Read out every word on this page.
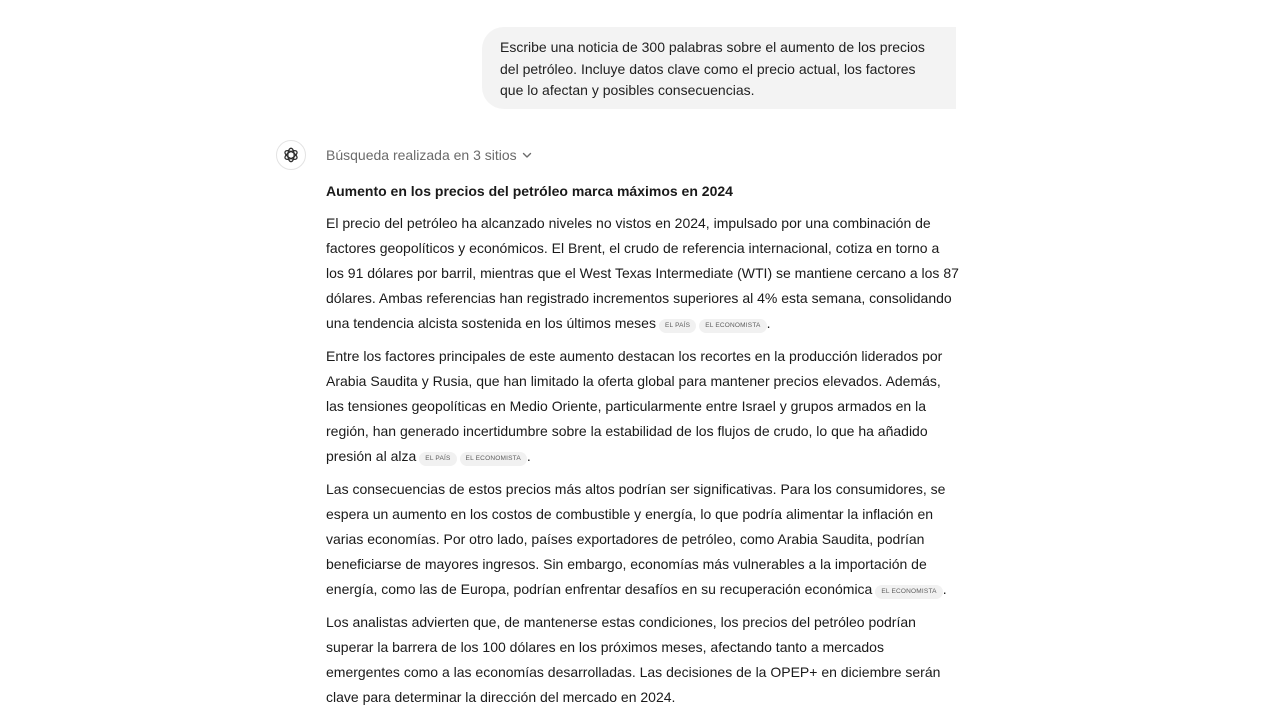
Escribe una noticia de 300 palabras sobre el aumento de los precios
del petróleo. Incluye datos clave como el precio actual, los factores
que lo afectan y posibles consecuencias.
Búsqueda realizada en 3 sitios
Aumento en los precios del petróleo marca máximos en 2024
El precio del petróleo ha alcanzado niveles no vistos en 2024, impulsado por una combinación de
factores geopolíticos y económicos. El Brent, el crudo de referencia internacional, cotiza en torno a
los 91 dólares por barril, mientras que el West Texas Intermediate (WTI) se mantiene cercano a los 87
dólares. Ambas referencias han registrado incrementos superiores al 4% esta semana, consolidando
una tendencia alcista sostenida en los últimos meses EL PAÍS EL ECONOMISTA .
Entre los factores principales de este aumento destacan los recortes en la producción liderados por
Arabia Saudita y Rusia, que han limitado la oferta global para mantener precios elevados. Además,
las tensiones geopolíticas en Medio Oriente, particularmente entre Israel y grupos armados en la
región, han generado incertidumbre sobre la estabilidad de los flujos de crudo, lo que ha añadido
presión al alza EL PAÍS EL ECONOMISTA .
Las consecuencias de estos precios más altos podrían ser significativas. Para los consumidores, se
espera un aumento en los costos de combustible y energía, lo que podría alimentar la inflación en
varias economías. Por otro lado, países exportadores de petróleo, como Arabia Saudita, podrían
beneficiarse de mayores ingresos. Sin embargo, economías más vulnerables a la importación de
energía, como las de Europa, podrían enfrentar desafíos en su recuperación económica EL ECONOMISTA .
Los analistas advierten que, de mantenerse estas condiciones, los precios del petróleo podrían
superar la barrera de los 100 dólares en los próximos meses, afectando tanto a mercados
emergentes como a las economías desarrolladas. Las decisiones de la OPEP+ en diciembre serán
clave para determinar la dirección del mercado en 2024.
